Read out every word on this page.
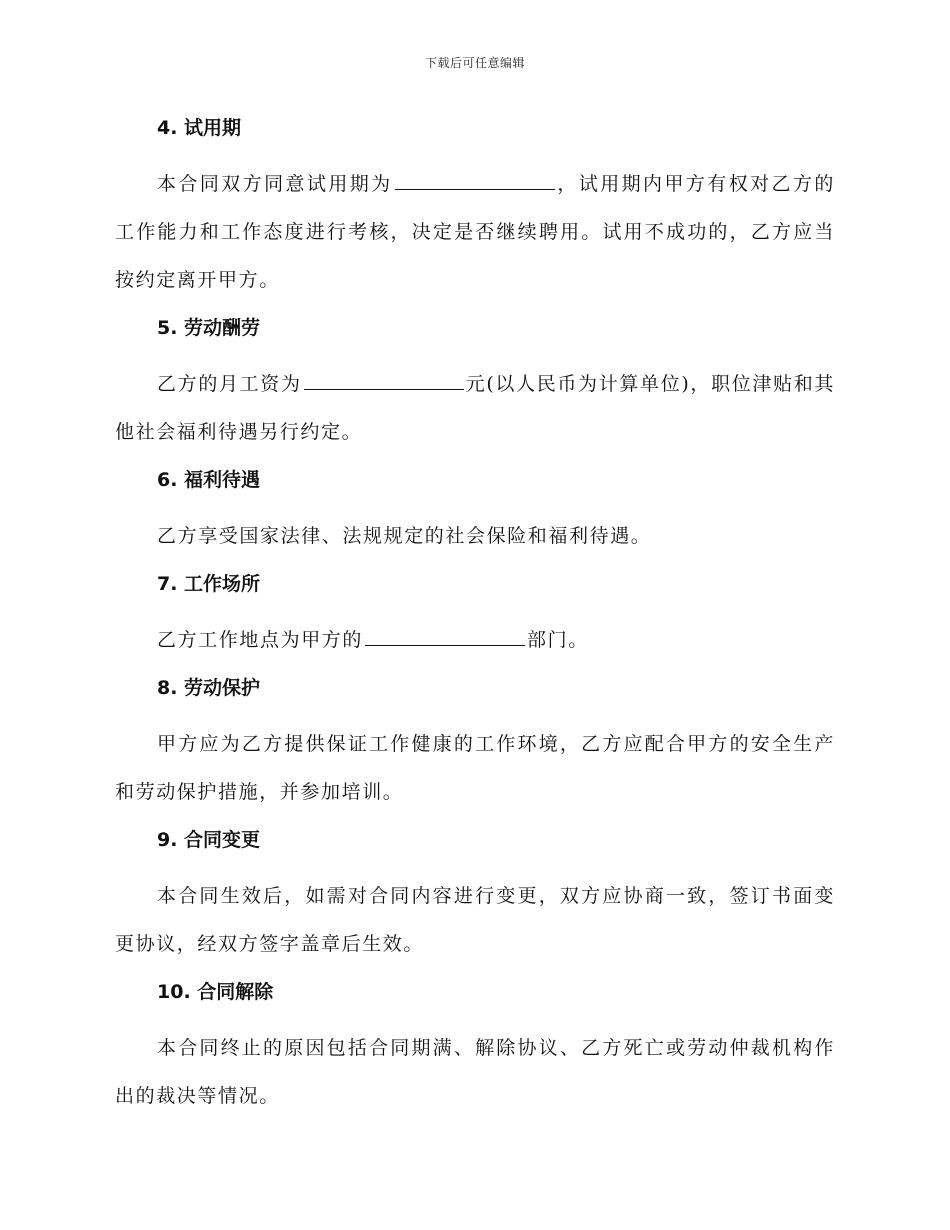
下载后可任意编辑
4. 试用期

本合同双方同意试用期为	，试用期内甲方有权对乙方的工作能力和工作态度进行考核，决定是否继续聘用。试用不成功的，乙方应当按约定离开甲方。

5. 劳动酬劳

乙方的月工资为	元(以人民币为计算单位)，职位津贴和其他社会福利待遇另行约定。

6. 福利待遇

乙方享受国家法律、法规规定的社会保险和福利待遇。

7. 工作场所

乙方工作地点为甲方的	部门。

8. 劳动保护

甲方应为乙方提供保证工作健康的工作环境，乙方应配合甲方的安全生产和劳动保护措施，并参加培训。

9. 合同变更

本合同生效后，如需对合同内容进行变更，双方应协商一致，签订书面变更协议，经双方签字盖章后生效。

10. 合同解除

本合同终止的原因包括合同期满、解除协议、乙方死亡或劳动仲裁机构作出的裁决等情况。
